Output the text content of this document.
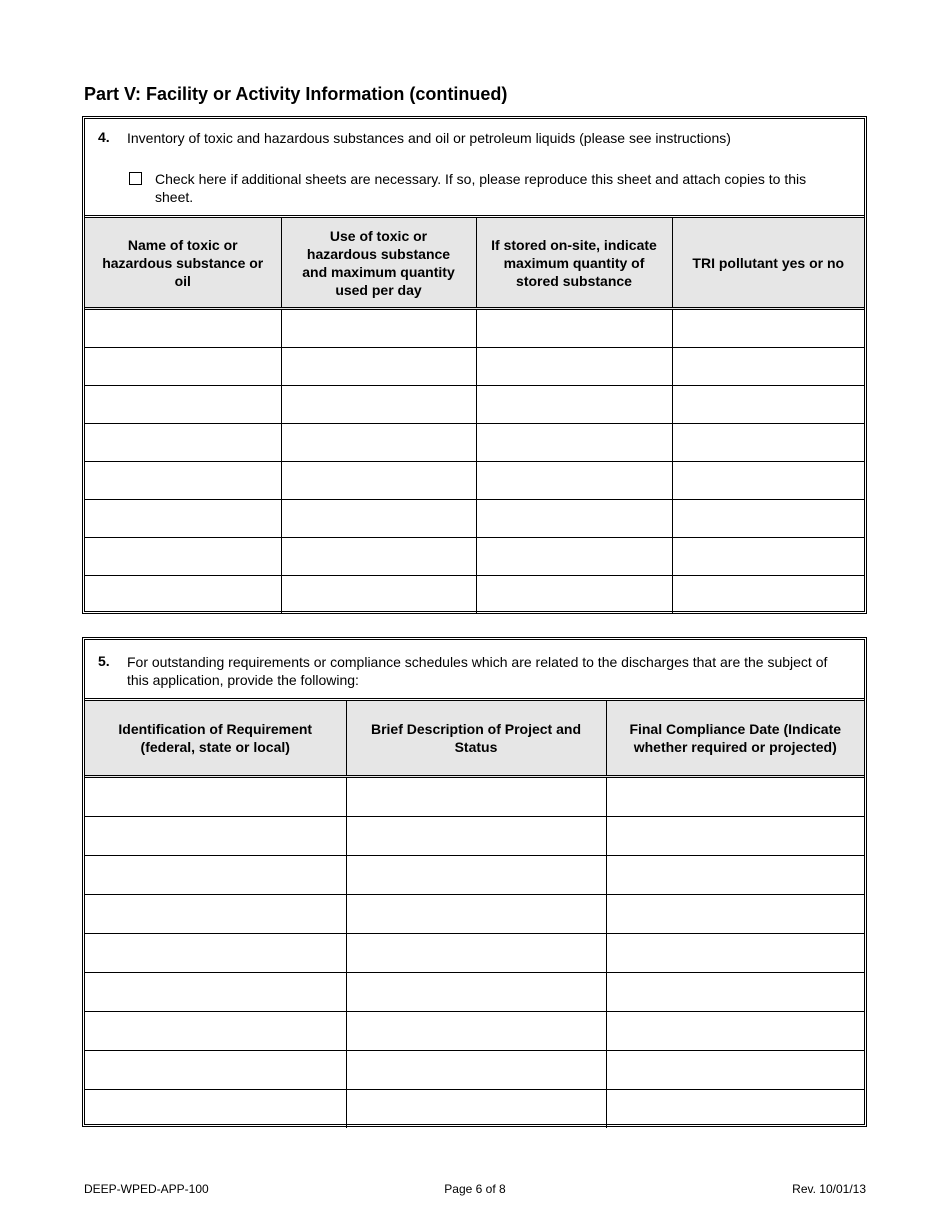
Part V: Facility or Activity Information (continued)
4. Inventory of toxic and hazardous substances and oil or petroleum liquids (please see instructions)
Check here if additional sheets are necessary. If so, please reproduce this sheet and attach copies to this sheet.
Name of toxic or hazardous substance or oil	Use of toxic or hazardous substance and maximum quantity used per day	If stored on-site, indicate maximum quantity of stored substance	TRI pollutant yes or no

5. For outstanding requirements or compliance schedules which are related to the discharges that are the subject of this application, provide the following:
Identification of Requirement (federal, state or local)	Brief Description of Project and Status	Final Compliance Date (Indicate whether required or projected)

DEEP-WPED-APP-100	Page 6 of 8	Rev. 10/01/13
